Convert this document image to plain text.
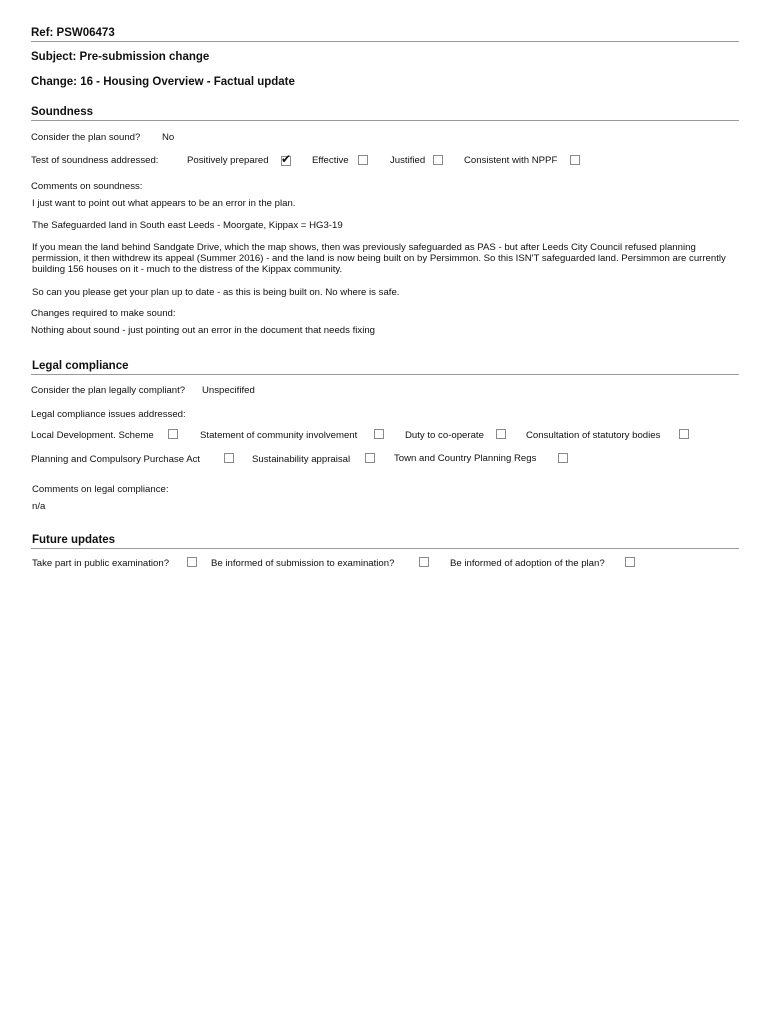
Ref: PSW06473
Subject: Pre-submission change
Change: 16 - Housing Overview - Factual update
Soundness
Consider the plan sound? No
Test of soundness addressed:	Positively prepared ✔ Effective	Justified	Consistent with NPPF
Comments on soundness:
I just want to point out what appears to be an error in the plan.
The Safeguarded land in South east Leeds - Moorgate, Kippax = HG3-19
If you mean the land behind Sandgate Drive, which the map shows, then was previously safeguarded as PAS - but after Leeds City Council refused planning permission, it then withdrew its appeal (Summer 2016) - and the land is now being built on by Persimmon. So this ISN'T safeguarded land. Persimmon are currently building 156 houses on it - much to the distress of the Kippax community.
So can you please get your plan up to date - as this is being built on. No where is safe.
Changes required to make sound:
Nothing about sound - just pointing out an error in the document that needs fixing
Legal compliance
Consider the plan legally compliant? Unspecififed
Legal compliance issues addressed:
Local Development. Scheme	Statement of community involvement	Duty to co-operate	Consultation of statutory bodies
Planning and Compulsory Purchase Act	Sustainability appraisal	Town and Country Planning Regs
Comments on legal compliance:
n/a
Future updates
Take part in public examination?	Be informed of submission to examination?	Be informed of adoption of the plan?
